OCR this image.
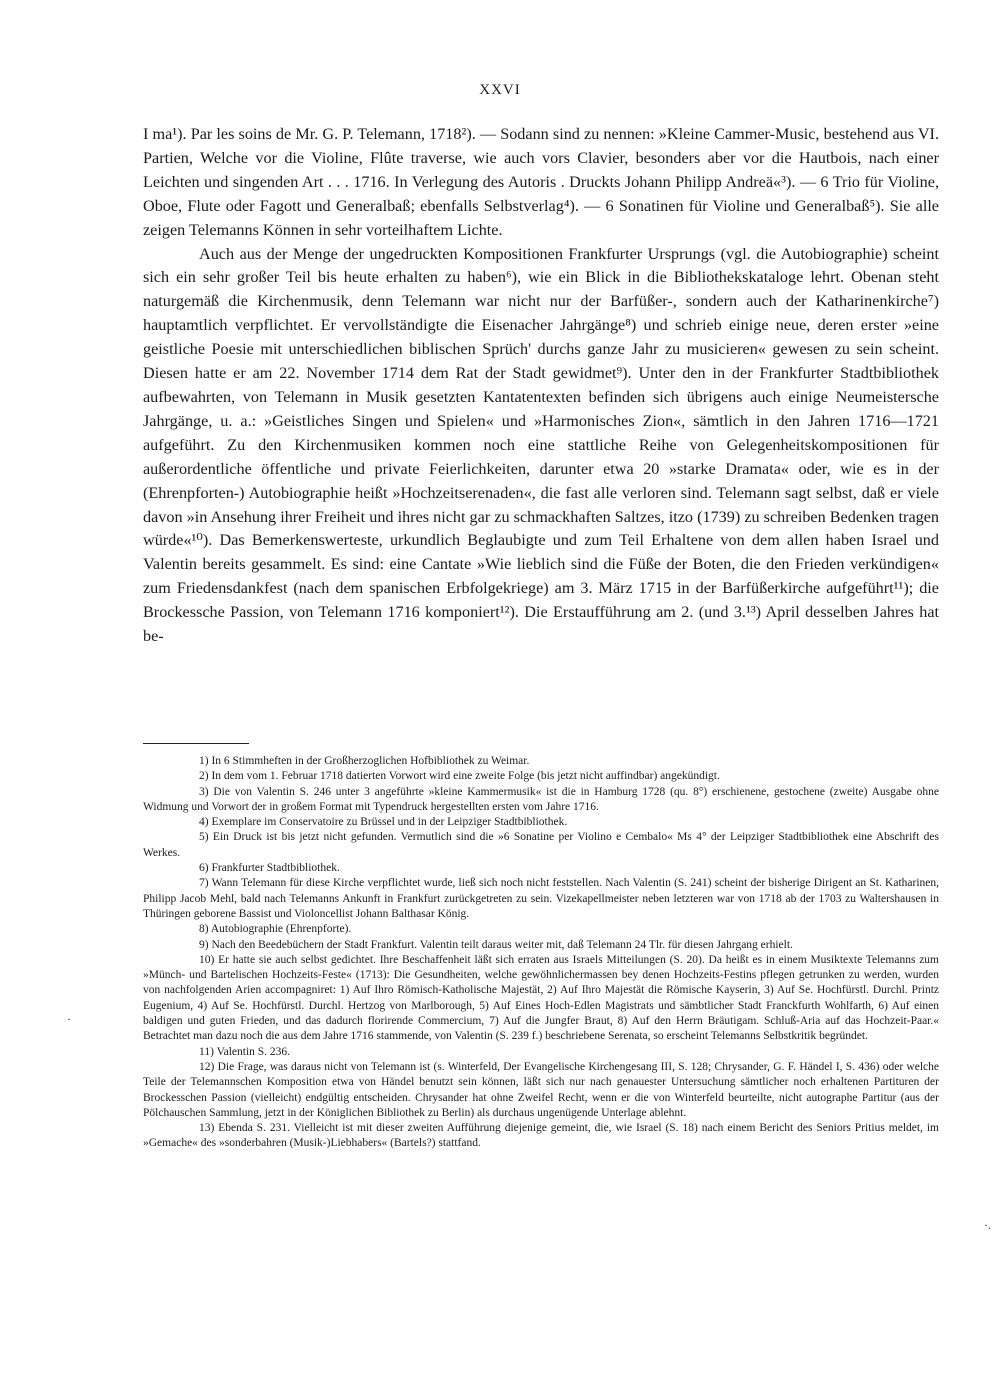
XXVI

I ma¹). Par les soins de Mr. G. P. Telemann, 1718²). — Sodann sind zu nennen: »Kleine Cammer-Music, bestehend aus VI. Partien, Welche vor die Violine, Flûte traverse, wie auch vors Clavier, besonders aber vor die Hautbois, nach einer Leichten und singenden Art . . . 1716. In Verlegung des Autoris . Druckts Johann Philipp Andreä«³). — 6 Trio für Violine, Oboe, Flute oder Fagott und Generalbaß; ebenfalls Selbstverlag⁴). — 6 Sonatinen für Violine und Generalbaß⁵). Sie alle zeigen Telemanns Können in sehr vorteilhaftem Lichte.

Auch aus der Menge der ungedruckten Kompositionen Frankfurter Ursprungs (vgl. die Autobiographie) scheint sich ein sehr großer Teil bis heute erhalten zu haben⁶), wie ein Blick in die Bibliothekskataloge lehrt. Obenan steht naturgemäß die Kirchenmusik, denn Telemann war nicht nur der Barfüßer-, sondern auch der Katharinenkirche⁷) hauptamtlich verpflichtet. Er vervollständigte die Eisenacher Jahrgänge⁸) und schrieb einige neue, deren erster »eine geistliche Poesie mit unterschiedlichen biblischen Sprüch' durchs ganze Jahr zu musicieren« gewesen zu sein scheint. Diesen hatte er am 22. November 1714 dem Rat der Stadt gewidmet⁹). Unter den in der Frankfurter Stadtbibliothek aufbewahrten, von Telemann in Musik gesetzten Kantatentexten befinden sich übrigens auch einige Neumeistersche Jahrgänge, u. a.: »Geistliches Singen und Spielen« und »Harmonisches Zion«, sämtlich in den Jahren 1716—1721 aufgeführt. Zu den Kirchenmusiken kommen noch eine stattliche Reihe von Gelegenheitskompositionen für außerordentliche öffentliche und private Feierlichkeiten, darunter etwa 20 »starke Dramata« oder, wie es in der (Ehrenpforten-) Autobiographie heißt »Hochzeitserenaden«, die fast alle verloren sind. Telemann sagt selbst, daß er viele davon »in Ansehung ihrer Freiheit und ihres nicht gar zu schmackhaften Saltzes, itzo (1739) zu schreiben Bedenken tragen würde«¹⁰). Das Bemerkenswerteste, urkundlich Beglaubigte und zum Teil Erhaltene von dem allen haben Israel und Valentin bereits gesammelt. Es sind: eine Cantate »Wie lieblich sind die Füße der Boten, die den Frieden verkündigen« zum Friedensdankfest (nach dem spanischen Erbfolgekriege) am 3. März 1715 in der Barfüßerkirche aufgeführt¹¹); die Brockessche Passion, von Telemann 1716 komponiert¹²). Die Erstaufführung am 2. (und 3.¹³) April desselben Jahres hat be-

1) In 6 Stimmheften in der Großherzoglichen Hofbibliothek zu Weimar.

2) In dem vom 1. Februar 1718 datierten Vorwort wird eine zweite Folge (bis jetzt nicht auffindbar) angekündigt.

3) Die von Valentin S. 246 unter 3 angeführte »kleine Kammermusik« ist die in Hamburg 1728 (qu. 8°) erschienene, gestochene (zweite) Ausgabe ohne Widmung und Vorwort der in großem Format mit Typendruck hergestellten ersten vom Jahre 1716.

4) Exemplare im Conservatoire zu Brüssel und in der Leipziger Stadtbibliothek.

5) Ein Druck ist bis jetzt nicht gefunden. Vermutlich sind die »6 Sonatine per Violino e Cembalo« Ms 4° der Leipziger Stadtbibliothek eine Abschrift des Werkes.

6) Frankfurter Stadtbibliothek.

7) Wann Telemann für diese Kirche verpflichtet wurde, ließ sich noch nicht feststellen. Nach Valentin (S. 241) scheint der bisherige Dirigent an St. Katharinen, Philipp Jacob Mehl, bald nach Telemanns Ankunft in Frankfurt zurückgetreten zu sein. Vizekapellmeister neben letzteren war von 1718 ab der 1703 zu Waltershausen in Thüringen geborene Bassist und Violoncellist Johann Balthasar König.

8) Autobiographie (Ehrenpforte).

9) Nach den Beedebüchern der Stadt Frankfurt. Valentin teilt daraus weiter mit, daß Telemann 24 Tlr. für diesen Jahrgang erhielt.

10) Er hatte sie auch selbst gedichtet. Ihre Beschaffenheit läßt sich erraten aus Israels Mitteilungen (S. 20). Da heißt es in einem Musiktexte Telemanns zum »Münch- und Bartelischen Hochzeits-Feste« (1713): Die Gesundheiten, welche gewöhnlichermassen bey denen Hochzeits-Festins pflegen getrunken zu werden, wurden von nachfolgenden Arien accompagniret: 1) Auf Ihro Römisch-Katholische Majestät, 2) Auf Ihro Majestät die Römische Kayserin, 3) Auf Se. Hochfürstl. Durchl. Printz Eugenium, 4) Auf Se. Hochfürstl. Durchl. Hertzog von Marlborough, 5) Auf Eines Hoch-Edlen Magistrats und sämbtlicher Stadt Franckfurth Wohlfarth, 6) Auf einen baldigen und guten Frieden, und das dadurch florirende Commercium, 7) Auf die Jungfer Braut, 8) Auf den Herrn Bräutigam. Schluß-Aria auf das Hochzeit-Paar.« Betrachtet man dazu noch die aus dem Jahre 1716 stammende, von Valentin (S. 239 f.) beschriebene Serenata, so erscheint Telemanns Selbstkritik begründet.

11) Valentin S. 236.

12) Die Frage, was daraus nicht von Telemann ist (s. Winterfeld, Der Evangelische Kirchengesang III, S. 128; Chrysander, G. F. Händel I, S. 436) oder welche Teile der Telemannschen Komposition etwa von Händel benutzt sein können, läßt sich nur nach genauester Untersuchung sämtlicher noch erhaltenen Partituren der Brockesschen Passion (vielleicht) endgültig entscheiden. Chrysander hat ohne Zweifel Recht, wenn er die von Winterfeld beurteilte, nicht autographe Partitur (aus der Pölchauschen Sammlung, jetzt in der Königlichen Bibliothek zu Berlin) als durchaus ungenügende Unterlage ablehnt.

13) Ebenda S. 231. Vielleicht ist mit dieser zweiten Aufführung diejenige gemeint, die, wie Israel (S. 18) nach einem Bericht des Seniors Pritius meldet, im »Gemache« des »sonderbahren (Musik-)Liebhabers« (Bartels?) stattfand.

·
·.
